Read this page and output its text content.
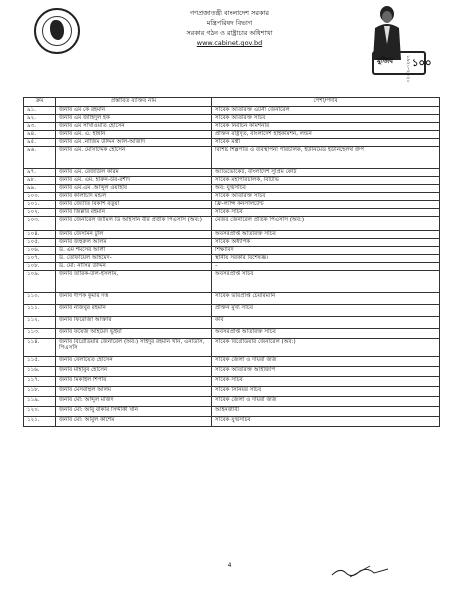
গণপ্রজাতন্ত্রী বাংলাদেশ সরকার
মন্ত্রিপরিষদ বিভাগ
সরকার গঠন ও রাষ্ট্রাচার অধিশাখা
www.cabinet.gov.bd
মুজিব ১৯২০-২০২০ ১০০
ক্রম	প্রস্তাবিত ব্যক্তির নাম	পেশা/পদবি
৯১.	জনাব এম কে রহমান	সাবেক অতিরিক্ত এটর্নী জেনারেল
৯২.	জনাব এম জাহিদুল হক	সাবেক অতিরিক্ত সচিব
৯৩.	জনাব এম সাখাওয়াত হোসেন	সাবেক নির্বাচন কমিশনার
৯৪.	জনাব এম. এ. হান্নান	প্রাক্তন রাষ্ট্রদূত, বাংলাদেশ হাইকমিশন, লন্ডন
৯৫.	জনাব এম .নাজিম উদ্দিন আল-আজাদ	সাবেক মন্ত্রী
৯৬.	জনাব এম. মোসাদ্দেক হোসেন	বিশিষ্ট শিল্পপতি ও ব্যবস্থাপনা পরিচালক, ইউনিমেড ইউনিহেলথ গ্রুপ
৯৭.	জনাব এম. রেজাউল করিম	অ্যাডভোকেট, বাংলাদেশ সুপ্রিম কোর্ট
৯৮.	জনাব এম. এম. হারুন-উর-রশীদ	সাবেক মহাপরিচালক, বিটিভি
৯৯.	জনাব এম.এম .আব্দুল ওয়াহাব	অব: যুগ্মসচিব
১০০.	জনাব কালাচাঁদ মন্ডল	সাবেক অতিরিক্ত সচিব
১০১.	জনাব জ্যোতি বিকাশ বড়ুয়া	ফ্রি-ল্যান্স কনসালটেন্ট
১০২.	জনাব জিল্লার রহমান	সাবেক সচিব
১০৩.	জনাব জেনারেল জামিল ডি আহসান বীর প্রতীক পিএসসি (অব:)	মেজর জেনারেল প্রতিক পিএসসি (অব:)
১০৪.	জনাব জেসমিন টুলি	অবসরপ্রাপ্ত অতিরিক্ত সচিব
১০৫.	জনাব জহুরুল আলম	সাবেক অধ্যাপক
১০৬.	ড. এম শমসের আলী	শিক্ষাবিদ
১০৭.	ড. তোফায়েল আহমেদ-	স্থানীয় সরকার বিশেষজ্ঞ।
১০৮.	ড. মো: নাসির উদ্দিন	–
১০৯.	জনাব তারিক-উল-ইসলাম,	অবসরপ্রাপ্ত সচিব
১১০.	জনাব দীপক কুমার দত্ত	সাবেক ভারপ্রাপ্ত চেয়ারম্যান
১১১.	জনাব নজিবুর রহমান	প্রাক্তন মুখ্য সচিব
১১২.	জনাব ফিরোজা আক্তার	কবি
১১৩.	জনাব ফয়েজ আহমেদ ভুইয়া	অবসরপ্রাপ্ত অতিরিক্ত সচিব
১১৪.	জনাব বিগ্রেডিয়ার জেনারেল (অব:) সাইদুর রহমান খান, এনডিসি, পিএসসি	সাবেক বিগ্রেডিয়ার জেনারেল (অব:)
১১৫.	জনাব বেলায়েত হোসেন	সাবেক জেলা ও দায়রা জজ
১১৬.	জনাব মাহাবুব হোসেন	সাবেক অতিরিক্ত আইজিপি
১১৭.	জনাব মিকাইল শিপার	সাবেক সচিব
১১৮.	জনাব মেসবাহুল আলম	সাবেক সিনিয়র সচিব
১১৯.	জনাব মো: আব্দুল মজিদ	সাবেক জেলা ও দায়রা জজ
১২০.	জনাব মো: আবু বাকার সিদ্দীকী খান	আইনজীবী
১২১.	জনাব মো: আবুল কাশেম	সাবেক যুগ্মসচিব
4
